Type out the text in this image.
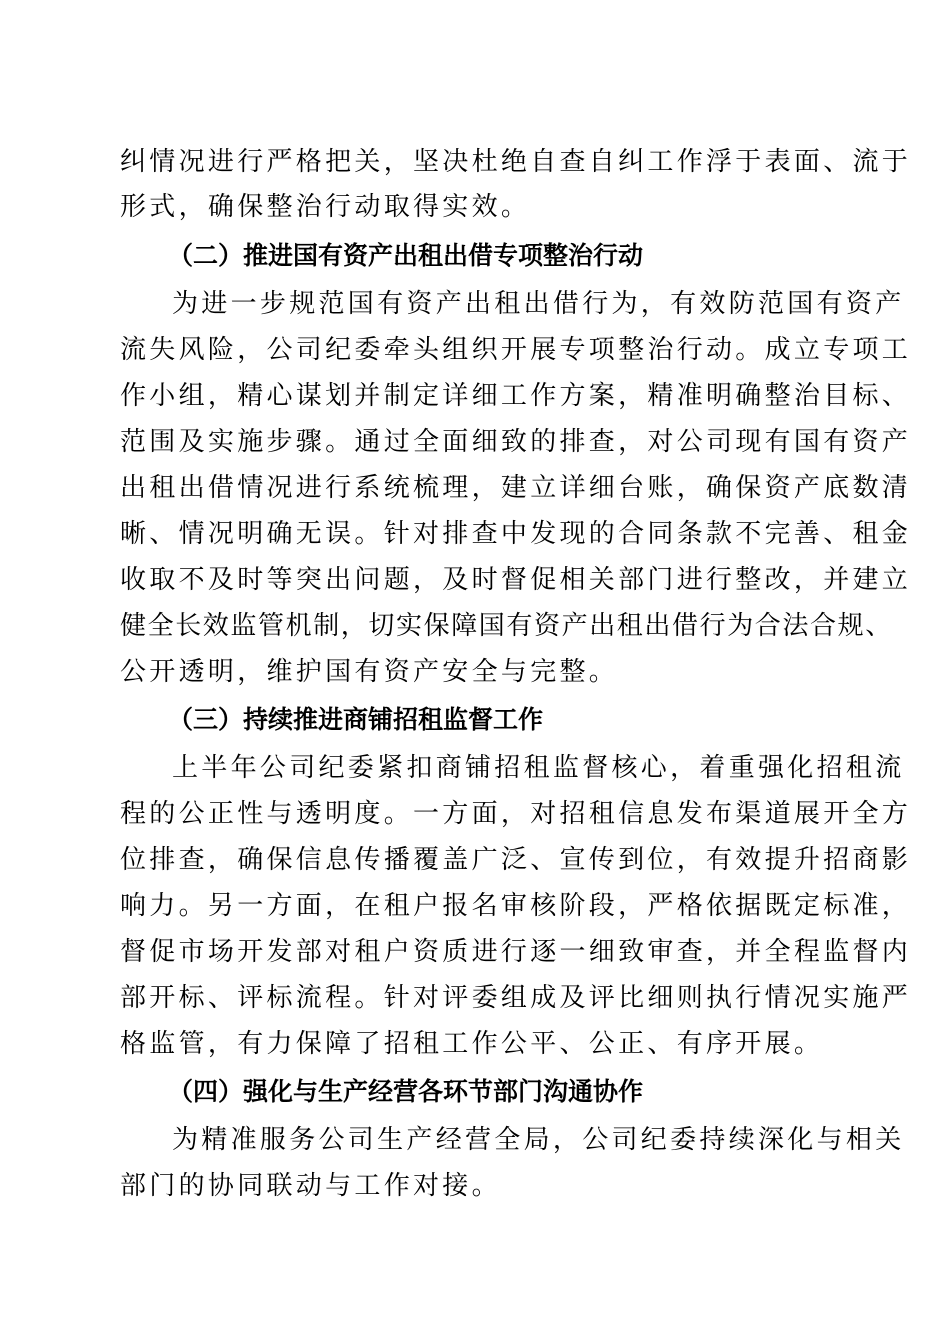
纠情况进行严格把关，坚决杜绝自查自纠工作浮于表面、流于

形式，确保整治行动取得实效。

（二）推进国有资产出租出借专项整治行动

为进一步规范国有资产出租出借行为，有效防范国有资产

流失风险，公司纪委牵头组织开展专项整治行动。成立专项工

作小组，精心谋划并制定详细工作方案，精准明确整治目标、

范围及实施步骤。通过全面细致的排查，对公司现有国有资产

出租出借情况进行系统梳理，建立详细台账，确保资产底数清

晰、情况明确无误。针对排查中发现的合同条款不完善、租金

收取不及时等突出问题，及时督促相关部门进行整改，并建立

健全长效监管机制，切实保障国有资产出租出借行为合法合规、

公开透明，维护国有资产安全与完整。

（三）持续推进商铺招租监督工作

上半年公司纪委紧扣商铺招租监督核心，着重强化招租流

程的公正性与透明度。一方面，对招租信息发布渠道展开全方

位排查，确保信息传播覆盖广泛、宣传到位，有效提升招商影

响力。另一方面，在租户报名审核阶段，严格依据既定标准，

督促市场开发部对租户资质进行逐一细致审查，并全程监督内

部开标、评标流程。针对评委组成及评比细则执行情况实施严

格监管，有力保障了招租工作公平、公正、有序开展。

（四）强化与生产经营各环节部门沟通协作

为精准服务公司生产经营全局，公司纪委持续深化与相关

部门的协同联动与工作对接。
